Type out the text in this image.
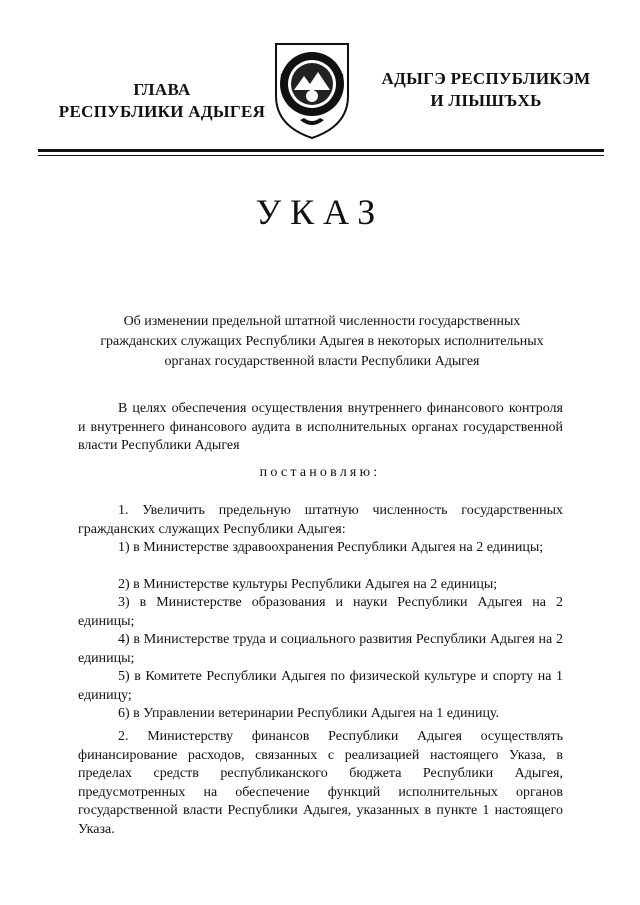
ГЛАВА
РЕСПУБЛИКИ АДЫГЕЯ
АДЫГЭ РЕСПУБЛИКЭМ
И ЛІЫШЪХЬ
УКАЗ
Об изменении предельной штатной численности государственных
гражданских служащих Республики Адыгея в некоторых исполнительных
органах государственной власти Республики Адыгея

В целях обеспечения осуществления внутреннего финансового контроля и внутреннего финансового аудита в исполнительных органах государственной власти Республики Адыгея

постановляю:

1. Увеличить предельную штатную численность государственных гражданских служащих Республики Адыгея:

1) в Министерстве здравоохранения Республики Адыгея на 2 единицы;

2) в Министерстве культуры Республики Адыгея на 2 единицы;

3) в Министерстве образования и науки Республики Адыгея на 2 единицы;

4) в Министерстве труда и социального развития Республики Адыгея на 2 единицы;

5) в Комитете Республики Адыгея по физической культуре и спорту на 1 единицу;

6) в Управлении ветеринарии Республики Адыгея на 1 единицу.

2. Министерству финансов Республики Адыгея осуществлять финансирование расходов, связанных с реализацией настоящего Указа, в пределах средств республиканского бюджета Республики Адыгея, предусмотренных на обеспечение функций исполнительных органов государственной власти Республики Адыгея, указанных в пункте 1 настоящего Указа.
